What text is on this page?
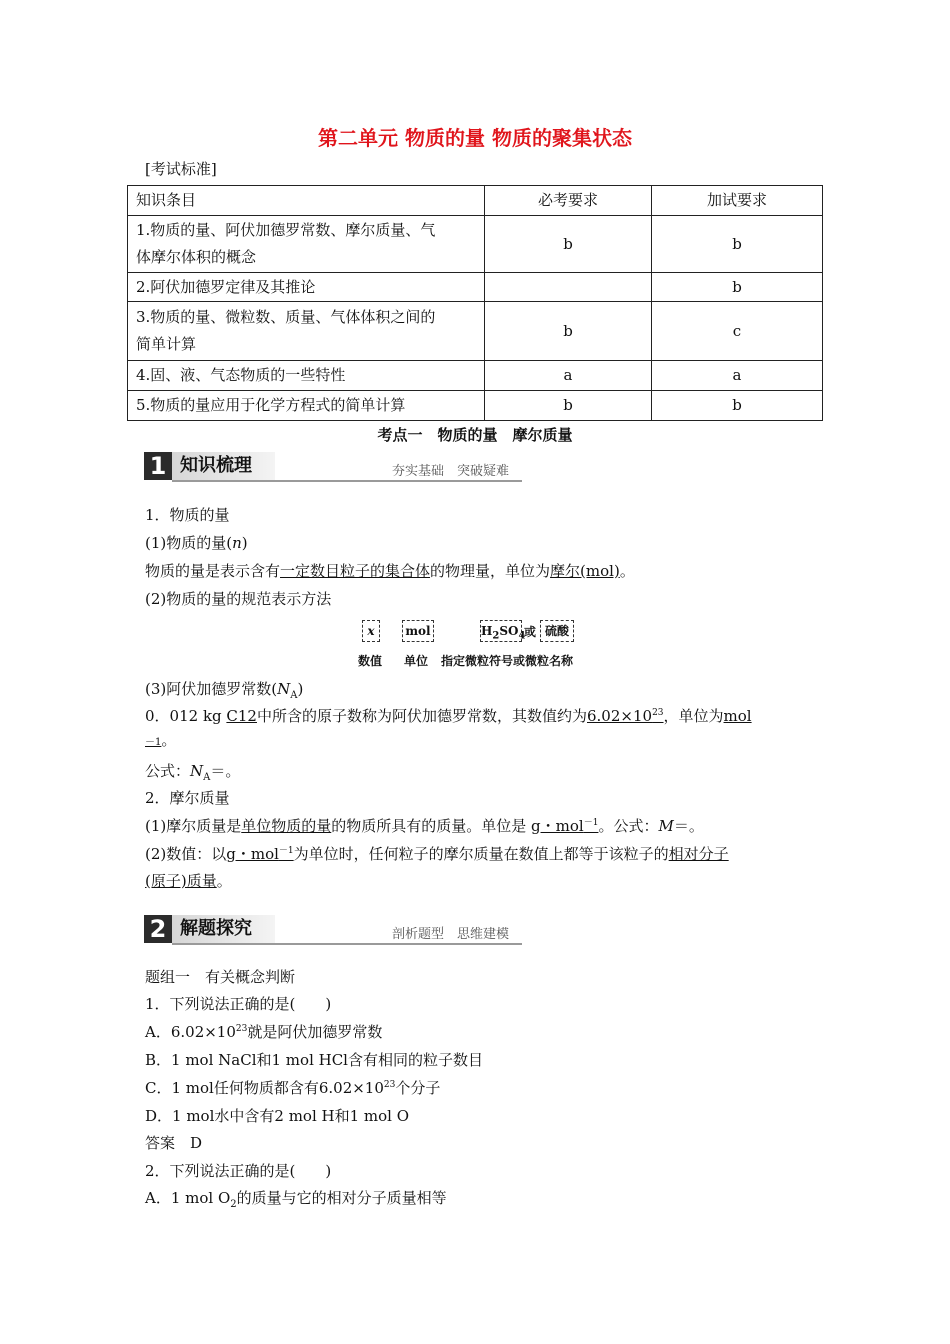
第二单元 物质的量 物质的聚集状态
[考试标准]
知识条目	必考要求	加试要求

1.物质的量、阿伏加德罗常数、摩尔质量、气
体摩尔体积的概念	b	b
2.阿伏加德罗定律及其推论		b

3.物质的量、微粒数、质量、气体体积之间的
简单计算	b	c
4.固、液、气态物质的一些特性	a	a
5.物质的量应用于化学方程式的简单计算	b	b
考点一　物质的量　摩尔质量
1 知识梳理	夯实基础　突破疑难
1．物质的量
(1)物质的量(n)
物质的量是表示含有一定数目粒子的集合体的物理量，单位为摩尔(mol)。
(2)物质的量的规范表示方法
x	mol	$H_2SO_4$
或 硫酸
数值 单位 指定微粒符号或微粒名称
(3)阿伏加德罗常数$(N_A)$
0．012 kg C12中所含的原子数称为阿伏加德罗常数，其数值约为$6.02\times 10^{23}$，单位为mol
－1。
公式：$N_A=$。
2．摩尔质量
(1)摩尔质量是单位物质的量的物质所具有的质量。单位是 g・mol$^{-1}$。公式：M＝。
(2)数值：以g・mol$^{-1}$为单位时，任何粒子的摩尔质量在数值上都等于该粒子的相对分子
(原子)质量。
2 解题探究	剖析题型　思维建模
题组一　有关概念判断
1．下列说法正确的是(　　)
A．$6.02\times 10^{23}$就是阿伏加德罗常数
B．1 mol NaCl和1 mol HCl含有相同的粒子数目
C．1 mol任何物质都含有$6.02\times 10^{23}$个分子
D．1 mol水中含有2 mol H和1 mol O
答案　D
2．下列说法正确的是(　　)
A．1 mol $O_2$的质量与它的相对分子质量相等
